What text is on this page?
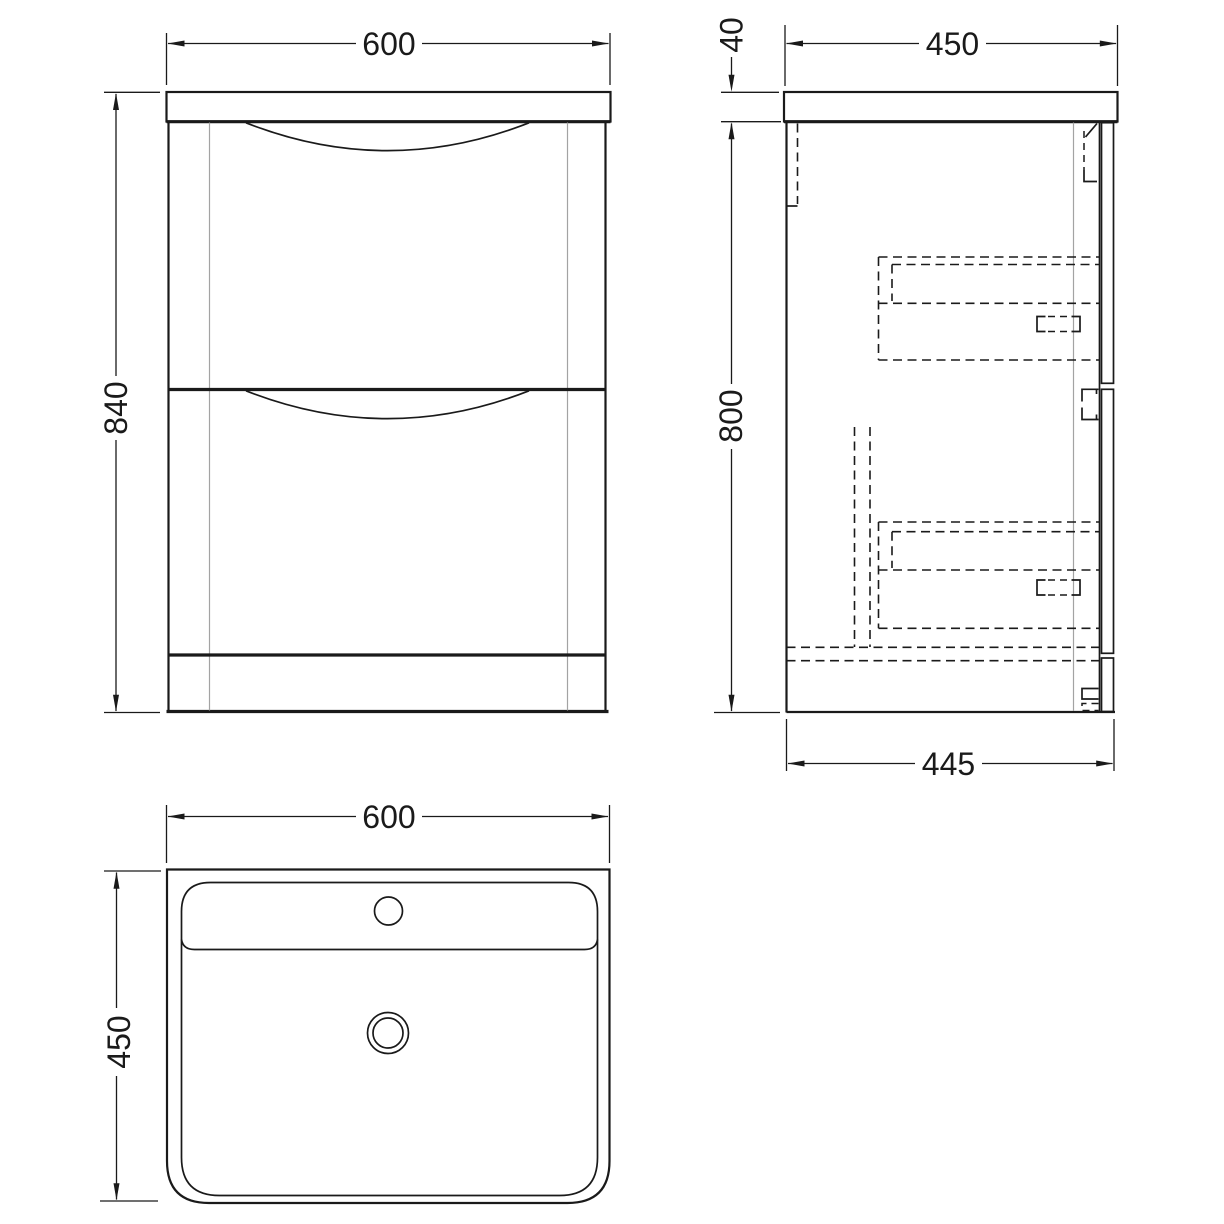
600
840
40	450
800
445
600
450
